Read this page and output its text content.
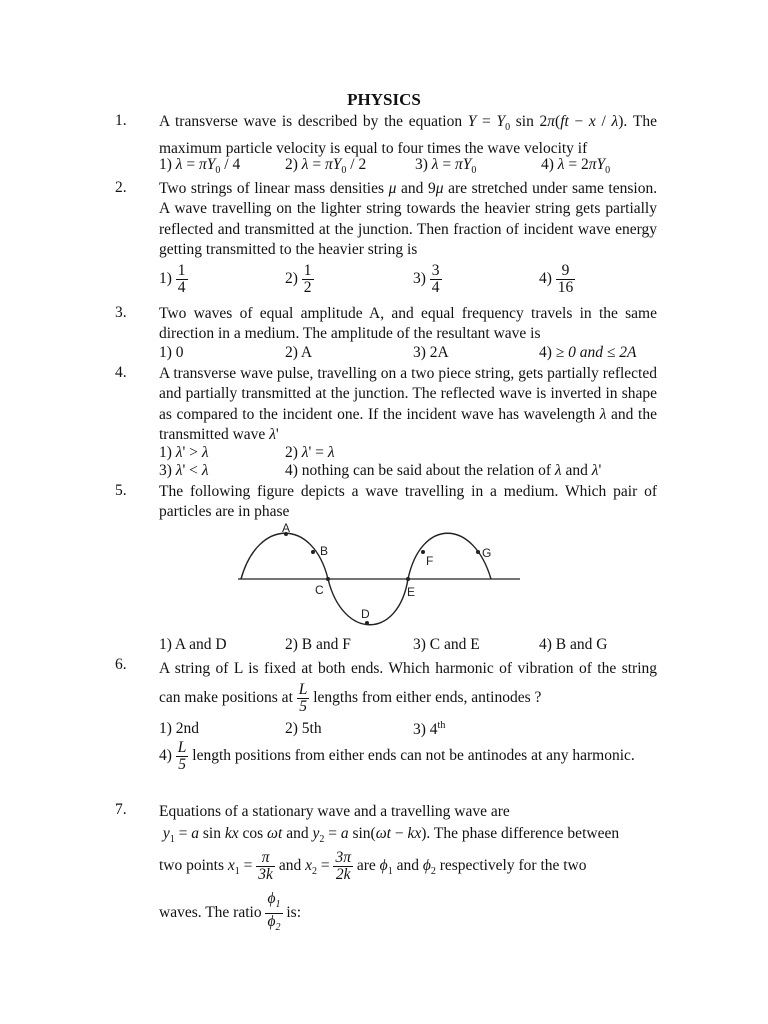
PHYSICS
1.	A transverse wave is described by the equation $Y = Y_0$ sin 2π(ft − x / λ). The maximum particle velocity is equal to four times the wave velocity if
1) $\lambda = \pi Y_0 / 4$	2) $\lambda = \pi Y_0 / 2$	3) $\lambda = \pi Y_0$	4) $\lambda = 2\pi Y_0$
2.	Two strings of linear mass densities μ and 9μ are stretched under same tension. A wave travelling on the lighter string towards the heavier string gets partially reflected and transmitted at the junction. Then fraction of incident wave energy getting transmitted to the heavier string is
$1) \frac{1}{4}$	$2) \frac{1}{2}$	$3) \frac{3}{4}$	$4) \frac{9}{16}$
3.	Two waves of equal amplitude A, and equal frequency travels in the same direction in a medium. The amplitude of the resultant wave is
1) 0	2) A	3) 2A	4) ≥ 0 and ≤ 2A
4.	A transverse wave pulse, travelling on a two piece string, gets partially reflected and partially transmitted at the junction. The reflected wave is inverted in shape as compared to the incident one. If the incident wave has wavelength λ and the transmitted wave λ'
1) λ' > λ	2) λ' = λ
3) λ' < λ	4) nothing can be said about the relation of λ and λ'
5.	The following figure depicts a wave travelling in a medium. Which pair of particles are in phase
1) A and D	2) B and F	3) C and E	4) B and G
A
B
C
D
E
F
G
6.	A string of L is fixed at both ends. Which harmonic of vibration of the string can make positions at $\frac{L}{5}$ lengths from either ends, antinodes ?
1) 2nd	2) 5th	3) 4th
$4) \frac{L}{5}$ length positions from either ends can not be antinodes at any harmonic.
7.	Equations of a stationary wave and a travelling wave are
$y_1 = a$ sin kx cos ωt and $y_2 = a$ sin(ωt − kx). The phase difference between
two points $x_1 = \frac{\pi}{3k}$ and $x_2 = \frac{3\pi}{2k}$ are $\phi_1$ and $\phi_2$ respectively for the two
waves. The ratio $\frac{\phi_1}{\phi_2}$ is:
